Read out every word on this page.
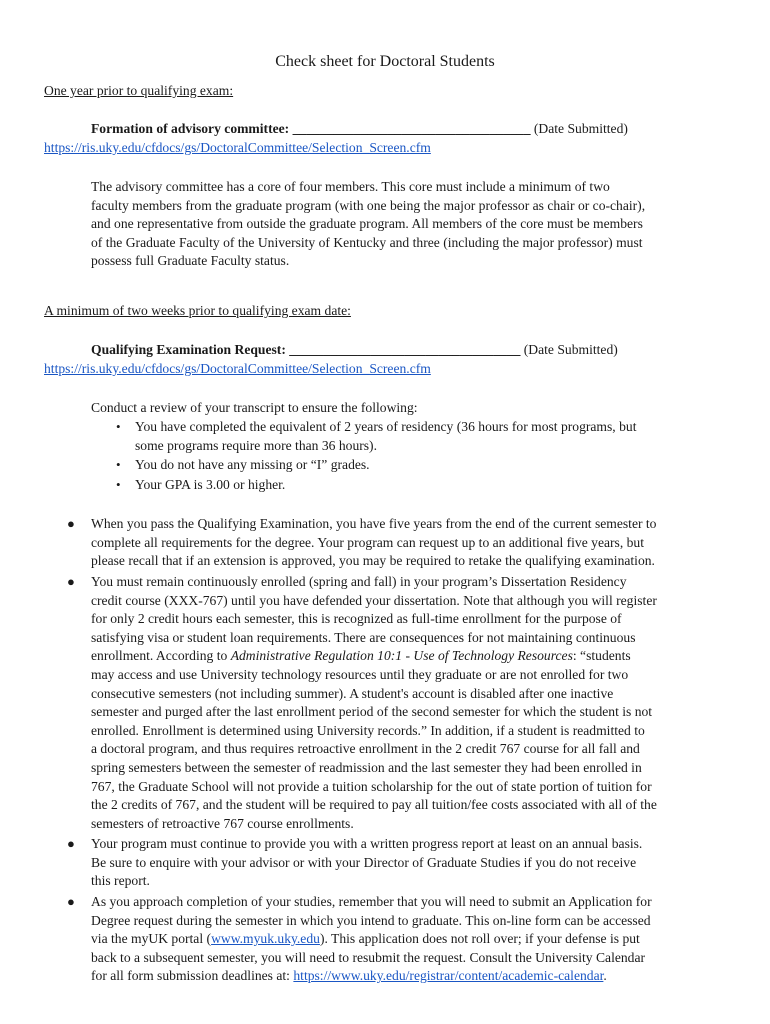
Check sheet for Doctoral Students
One year prior to qualifying exam:
Formation of advisory committee: ___________________________________ (Date Submitted)
https://ris.uky.edu/cfdocs/gs/DoctoralCommittee/Selection_Screen.cfm

The advisory committee has a core of four members. This core must include a minimum of two

faculty members from the graduate program (with one being the major professor as chair or co-chair),

and one representative from outside the graduate program. All members of the core must be members

of the Graduate Faculty of the University of Kentucky and three (including the major professor) must

possess full Graduate Faculty status.

A minimum of two weeks prior to qualifying exam date:
Qualifying Examination Request: __________________________________ (Date Submitted)
https://ris.uky.edu/cfdocs/gs/DoctoralCommittee/Selection_Screen.cfm
Conduct a review of your transcript to ensure the following:
• You have completed the equivalent of 2 years of residency (36 hours for most programs, but
some programs require more than 36 hours).
• You do not have any missing or “I” grades.
• Your GPA is 3.00 or higher.
● When you pass the Qualifying Examination, you have five years from the end of the current semester to
complete all requirements for the degree. Your program can request up to an additional five years, but
please recall that if an extension is approved, you may be required to retake the qualifying examination.
● You must remain continuously enrolled (spring and fall) in your program’s Dissertation Residency
credit course (XXX-767) until you have defended your dissertation. Note that although you will register
for only 2 credit hours each semester, this is recognized as full-time enrollment for the purpose of
satisfying visa or student loan requirements. There are consequences for not maintaining continuous
enrollment. According to Administrative Regulation 10:1 - Use of Technology Resources: “students
may access and use University technology resources until they graduate or are not enrolled for two
consecutive semesters (not including summer). A student's account is disabled after one inactive
semester and purged after the last enrollment period of the second semester for which the student is not
enrolled. Enrollment is determined using University records.” In addition, if a student is readmitted to
a doctoral program, and thus requires retroactive enrollment in the 2 credit 767 course for all fall and
spring semesters between the semester of readmission and the last semester they had been enrolled in
767, the Graduate School will not provide a tuition scholarship for the out of state portion of tuition for
the 2 credits of 767, and the student will be required to pay all tuition/fee costs associated with all of the
semesters of retroactive 767 course enrollments.
● Your program must continue to provide you with a written progress report at least on an annual basis.
Be sure to enquire with your advisor or with your Director of Graduate Studies if you do not receive
this report.
● As you approach completion of your studies, remember that you will need to submit an Application for
Degree request during the semester in which you intend to graduate. This on-line form can be accessed
via the myUK portal (www.myuk.uky.edu). This application does not roll over; if your defense is put
back to a subsequent semester, you will need to resubmit the request. Consult the University Calendar
for all form submission deadlines at: https://www.uky.edu/registrar/content/academic-calendar.
